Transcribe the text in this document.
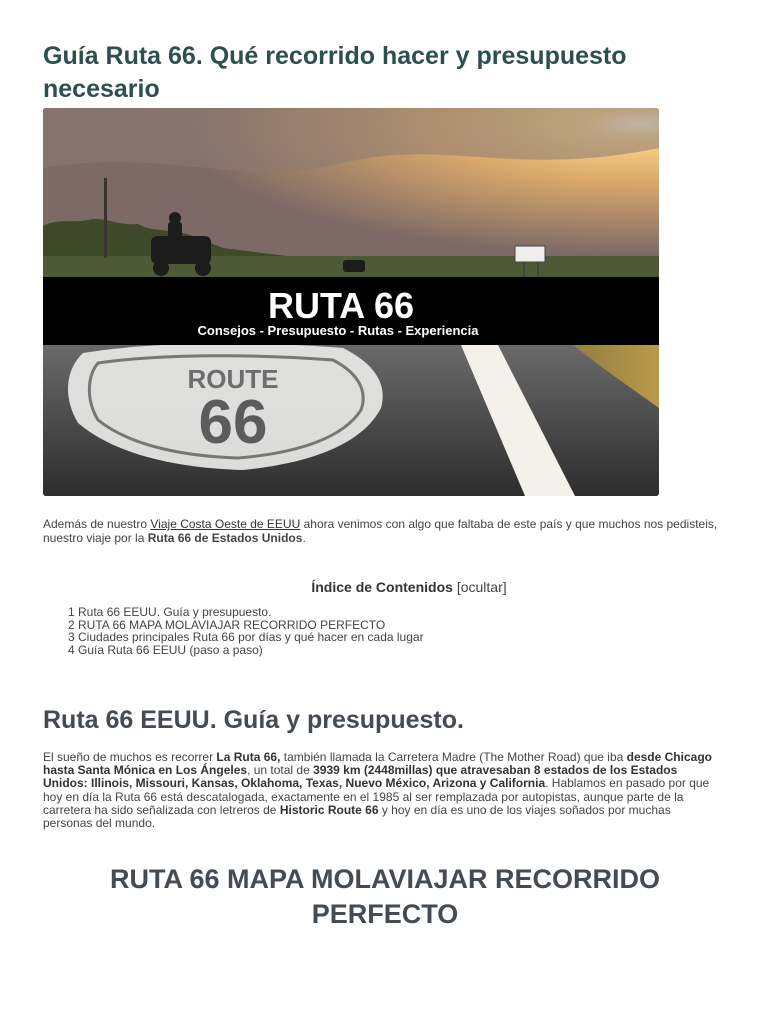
Guía Ruta 66. Qué recorrido hacer y presupuesto necesario
ROUTE
66
RUTA 66
Consejos - Presupuesto - Rutas - Experiencia

Además de nuestro Viaje Costa Oeste de EEUU ahora venimos con algo que faltaba de este país y que muchos nos pedisteis, nuestro viaje por la Ruta 66 de Estados Unidos.

Índice de Contenidos [ocultar]
1 Ruta 66 EEUU. Guía y presupuesto.
2 RUTA 66 MAPA MOLAVIAJAR RECORRIDO PERFECTO
3 Ciudades principales Ruta 66 por días y qué hacer en cada lugar
4 Guía Ruta 66 EEUU (paso a paso)
Ruta 66 EEUU. Guía y presupuesto.

El sueño de muchos es recorrer La Ruta 66, también llamada la Carretera Madre (The Mother Road) que iba desde Chicago hasta Santa Mónica en Los Ángeles, un total de 3939 km (2448millas) que atravesaban 8 estados de los Estados Unidos: Illinois, Missouri, Kansas, Oklahoma, Texas, Nuevo México, Arizona y California. Hablamos en pasado por que hoy en día la Ruta 66 está descatalogada, exactamente en el 1985 al ser remplazada por autopistas, aunque parte de la carretera ha sido señalizada con letreros de Historic Route 66 y hoy en día es uno de los viajes soñados por muchas personas del mundo.

RUTA 66 MAPA MOLAVIAJAR RECORRIDO PERFECTO
